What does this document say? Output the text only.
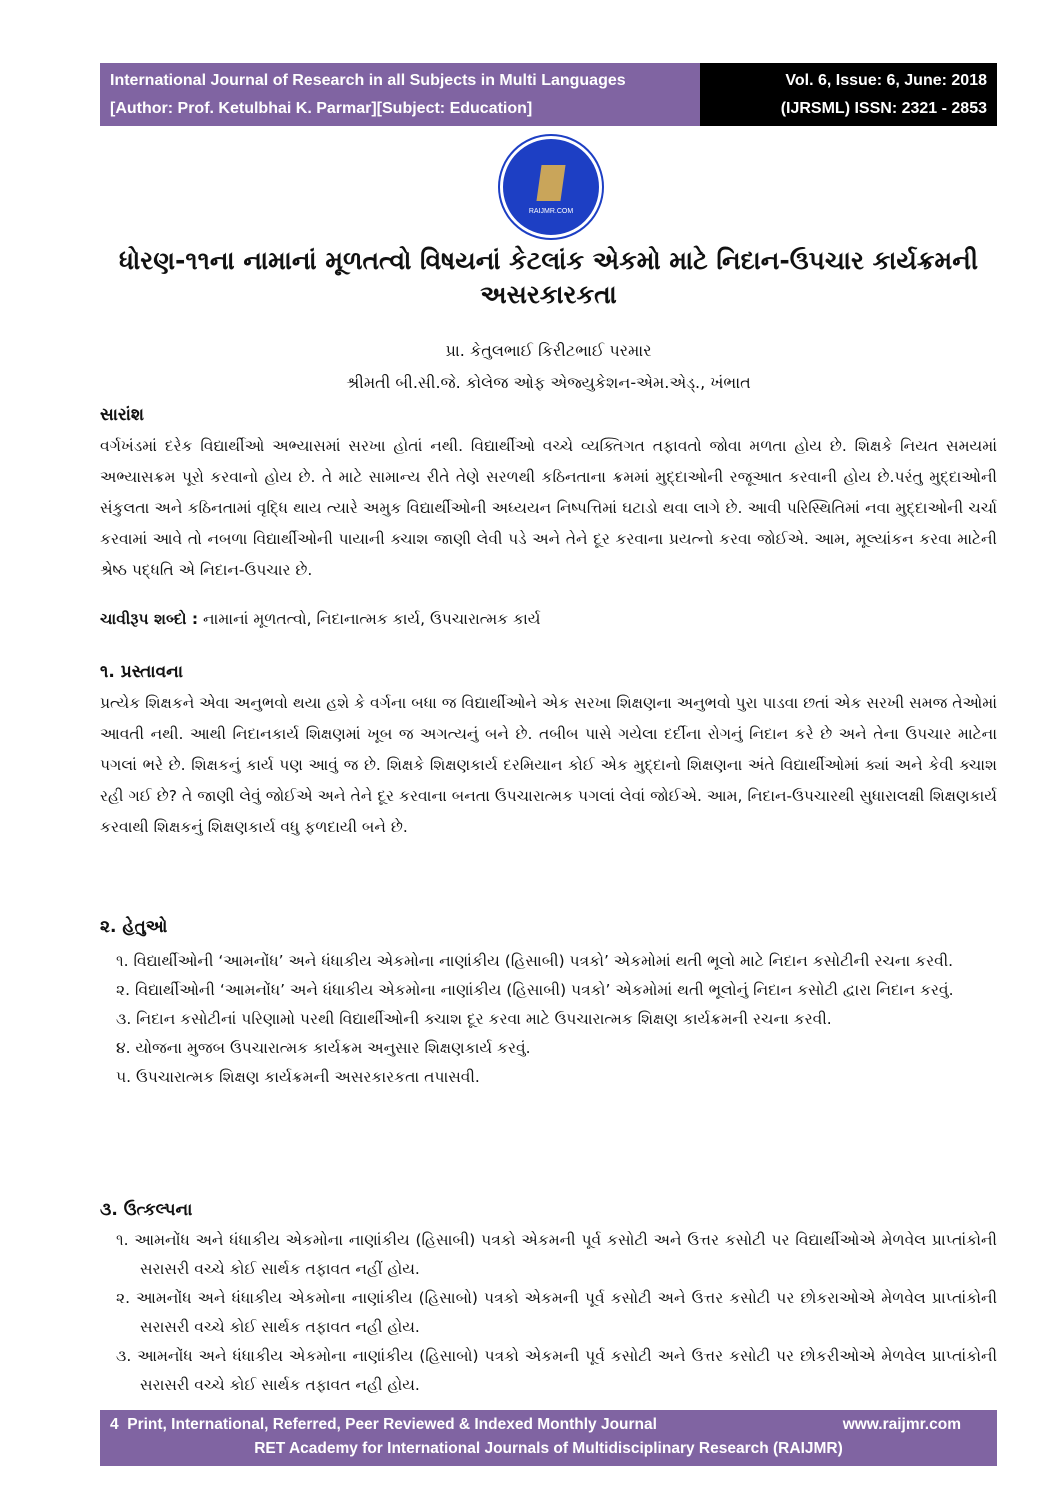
International Journal of Research in all Subjects in Multi Languages
[Author: Prof. Ketulbhai K. Parmar][Subject: Education]
Vol. 6, Issue: 6, June: 2018
(IJRSML) ISSN: 2321 - 2853
RAIJMR.COM
ધોરણ-૧૧ના નામાનાં મૂળતત્વો વિષયનાં કેટલાંક એકમો માટે નિદાન-ઉપચાર કાર્યક્રમની અસરકારકતા
પ્રા. કેતુલભાઈ કિરીટભાઈ પરમાર
શ્રીમતી બી.સી.જે. કોલેજ ઓફ એજ્યુકેશન-એમ.એડ્., ખંભાત
સારાંશ
વર્ગખંડમાં દરેક વિદ્યાર્થીઓ અભ્યાસમાં સરખા હોતાં નથી. વિદ્યાર્થીઓ વચ્ચે વ્યક્તિગત તફાવતો જોવા મળતા હોય છે. શિક્ષકે નિયત સમયમાં અભ્યાસક્રમ પૂરો કરવાનો હોય છે. તે માટે સામાન્ય રીતે તેણે સરળથી કઠિનતાના ક્રમમાં મુદ્દાઓની રજૂઆત કરવાની હોય છે.પરંતુ મુદ્દાઓની સંકુલતા અને કઠિનતામાં વૃદ્ધિ થાય ત્યારે અમુક વિદ્યાર્થીઓની અધ્યયન નિષ્પત્તિમાં ઘટાડો થવા લાગે છે. આવી પરિસ્થિતિમાં નવા મુદ્દાઓની ચર્ચા કરવામાં આવે તો નબળા વિદ્યાર્થીઓની પાયાની ક્ચાશ જાણી લેવી પડે અને તેને દૂર કરવાના પ્રયત્નો કરવા જોઈએ. આમ, મૂલ્યાંકન કરવા માટેની શ્રેષ્ઠ પદ્ધતિ એ નિદાન-ઉપચાર છે.
ચાવીરૂપ શબ્દો : નામાનાં મૂળતત્વો, નિદાનાત્મક કાર્ય, ઉપચારાત્મક કાર્ય
૧. પ્રસ્તાવના
પ્રત્યેક શિક્ષકને એવા અનુભવો થયા હશે કે વર્ગના બધા જ વિદ્યાર્થીઓને એક સરખા શિક્ષણના અનુભવો પુરા પાડવા છતાં એક સરખી સમજ તેઓમાં આવતી નથી. આથી નિદાનકાર્ય શિક્ષણમાં ખૂબ જ અગત્યનું બને છે. તબીબ પાસે ગયેલા દર્દીના રોગનું નિદાન કરે છે અને તેના ઉપચાર માટેના પગલાં ભરે છે. શિક્ષકનું કાર્ય પણ આવું જ છે. શિક્ષકે શિક્ષણકાર્ય દરમિયાન કોઈ એક મુદ્દાનો શિક્ષણના અંતે વિદ્યાર્થીઓમાં ક્યાં અને કેવી ક્ચાશ રહી ગઈ છે? તે જાણી લેવું જોઈએ અને તેને દૂર કરવાના બનતા ઉપચારાત્મક પગલાં લેવાં જોઈએ. આમ, નિદાન-ઉપચારથી સુધારાલક્ષી શિક્ષણકાર્ય કરવાથી શિક્ષકનું શિક્ષણકાર્ય વધુ ફળદાયી બને છે.
૨. હેતુઓ
૧. વિદ્યાર્થીઓની ‘આમનોંધ’ અને ધંધાકીય એકમોના નાણાંકીય (હિસાબી) પત્રકો’ એકમોમાં થતી ભૂલો માટે નિદાન કસોટીની રચના કરવી.
૨. વિદ્યાર્થીઓની ‘આમનોંધ’ અને ધંધાકીય એકમોના નાણાંકીય (હિસાબી) પત્રકો’ એકમોમાં થતી ભૂલોનું નિદાન કસોટી દ્વારા નિદાન કરવું.
૩. નિદાન કસોટીનાં પરિણામો પરથી વિદ્યાર્થીઓની ક્ચાશ દૂર કરવા માટે ઉપચારાત્મક શિક્ષણ કાર્યક્રમની રચના કરવી.
૪. યોજના મુજબ ઉપચારાત્મક કાર્યક્રમ અનુસાર શિક્ષણકાર્ય કરવું.
૫. ઉપચારાત્મક શિક્ષણ કાર્યક્રમની અસરકારકતા તપાસવી.
૩. ઉત્કલ્પના
૧. આમનોંધ અને ધંધાકીય એકમોના નાણાંકીય (હિસાબી) પત્રકો એકમની પૂર્વ કસોટી અને ઉત્તર કસોટી પર વિદ્યાર્થીઓએ મેળવેલ પ્રાપ્તાંકોની સરાસરી વચ્ચે કોઈ સાર્થક તફાવત નહીં હોય.
૨. આમનોંધ અને ધંધાકીય એકમોના નાણાંકીય (હિસાબો) પત્રકો એકમની પૂર્વ કસોટી અને ઉત્તર કસોટી પર છોકરાઓએ મેળવેલ પ્રાપ્તાંકોની સરાસરી વચ્ચે કોઈ સાર્થક તફાવત નહી હોય.
૩. આમનોંધ અને ધંધાકીય એકમોના નાણાંકીય (હિસાબો) પત્રકો એકમની પૂર્વ કસોટી અને ઉત્તર કસોટી પર છોકરીઓએ મેળવેલ પ્રાપ્તાંકોની સરાસરી વચ્ચે કોઈ સાર્થક તફાવત નહી હોય.
4 Print, International, Referred, Peer Reviewed & Indexed Monthly Journal	www.raijmr.com
RET Academy for International Journals of Multidisciplinary Research (RAIJMR)
